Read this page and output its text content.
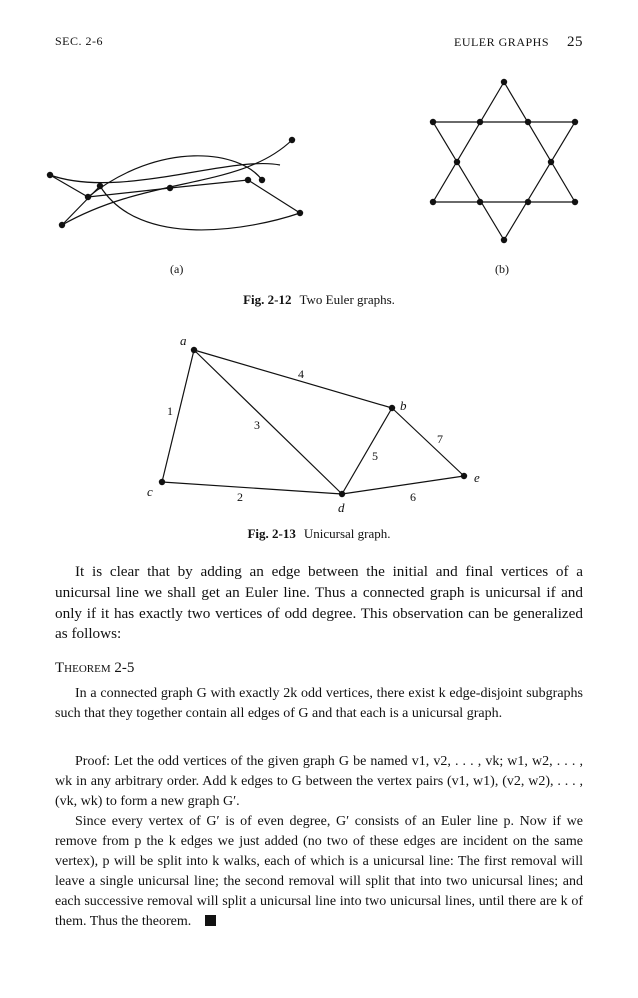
SEC. 2-6	EULER GRAPHS 25
(a)	(b)
Fig. 2-12 Two Euler graphs.
a
b
c
d
e
1
2
3
4
5
6
7
Fig. 2-13 Unicursal graph.

It is clear that by adding an edge between the initial and final vertices of a unicursal line we shall get an Euler line. Thus a connected graph is unicursal if and only if it has exactly two vertices of odd degree. This observation can be generalized as follows:

Theorem 2-5

In a connected graph G with exactly 2k odd vertices, there exist k edge-disjoint subgraphs such that they together contain all edges of G and that each is a unicursal graph.

Proof: Let the odd vertices of the given graph G be named v1, v2, . . . , vk; w1, w2, . . . , wk in any arbitrary order. Add k edges to G between the vertex pairs (v1, w1), (v2, w2), . . . , (vk, wk) to form a new graph G′.

Since every vertex of G′ is of even degree, G′ consists of an Euler line p. Now if we remove from p the k edges we just added (no two of these edges are incident on the same vertex), p will be split into k walks, each of which is a unicursal line: The first removal will leave a single unicursal line; the second removal will split that into two unicursal lines; and each successive removal will split a unicursal line into two unicursal lines, until there are k of them. Thus the theorem.
